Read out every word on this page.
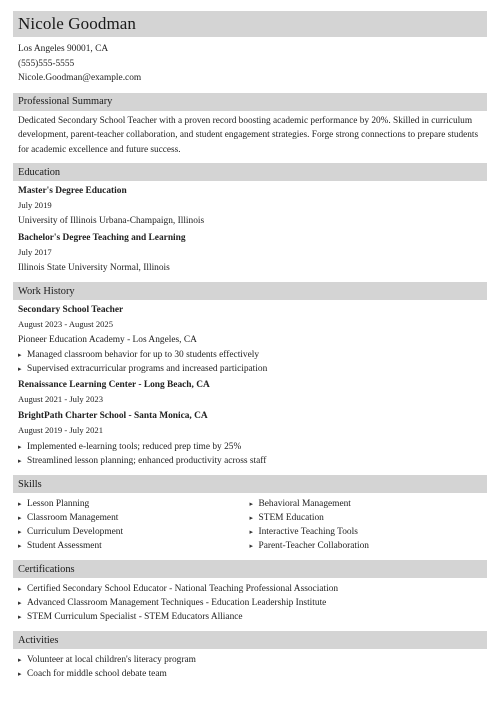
Nicole Goodman
Los Angeles 90001, CA
(555)555-5555
Nicole.Goodman@example.com
Professional Summary

Dedicated Secondary School Teacher with a proven record boosting academic performance by 20%. Skilled in curriculum development, parent-teacher collaboration, and student engagement strategies. Forge strong connections to prepare students for academic excellence and future success.

Education
Master's Degree Education
July 2019
University of Illinois Urbana-Champaign, Illinois
Bachelor's Degree Teaching and Learning
July 2017
Illinois State University Normal, Illinois
Work History
Secondary School Teacher
August 2023 - August 2025
Pioneer Education Academy - Los Angeles, CA
▸ Managed classroom behavior for up to 30 students effectively
▸ Supervised extracurricular programs and increased participation
Renaissance Learning Center - Long Beach, CA
August 2021 - July 2023
BrightPath Charter School - Santa Monica, CA
August 2019 - July 2021
▸ Implemented e-learning tools; reduced prep time by 25%
▸ Streamlined lesson planning; enhanced productivity across staff
Skills
▸ Lesson Planning
▸ Classroom Management
▸ Curriculum Development
▸ Student Assessment
▸ Behavioral Management
▸ STEM Education
▸ Interactive Teaching Tools
▸ Parent-Teacher Collaboration
Certifications
▸ Certified Secondary School Educator - National Teaching Professional Association
▸ Advanced Classroom Management Techniques - Education Leadership Institute
▸ STEM Curriculum Specialist - STEM Educators Alliance
Activities
▸ Volunteer at local children's literacy program
▸ Coach for middle school debate team
